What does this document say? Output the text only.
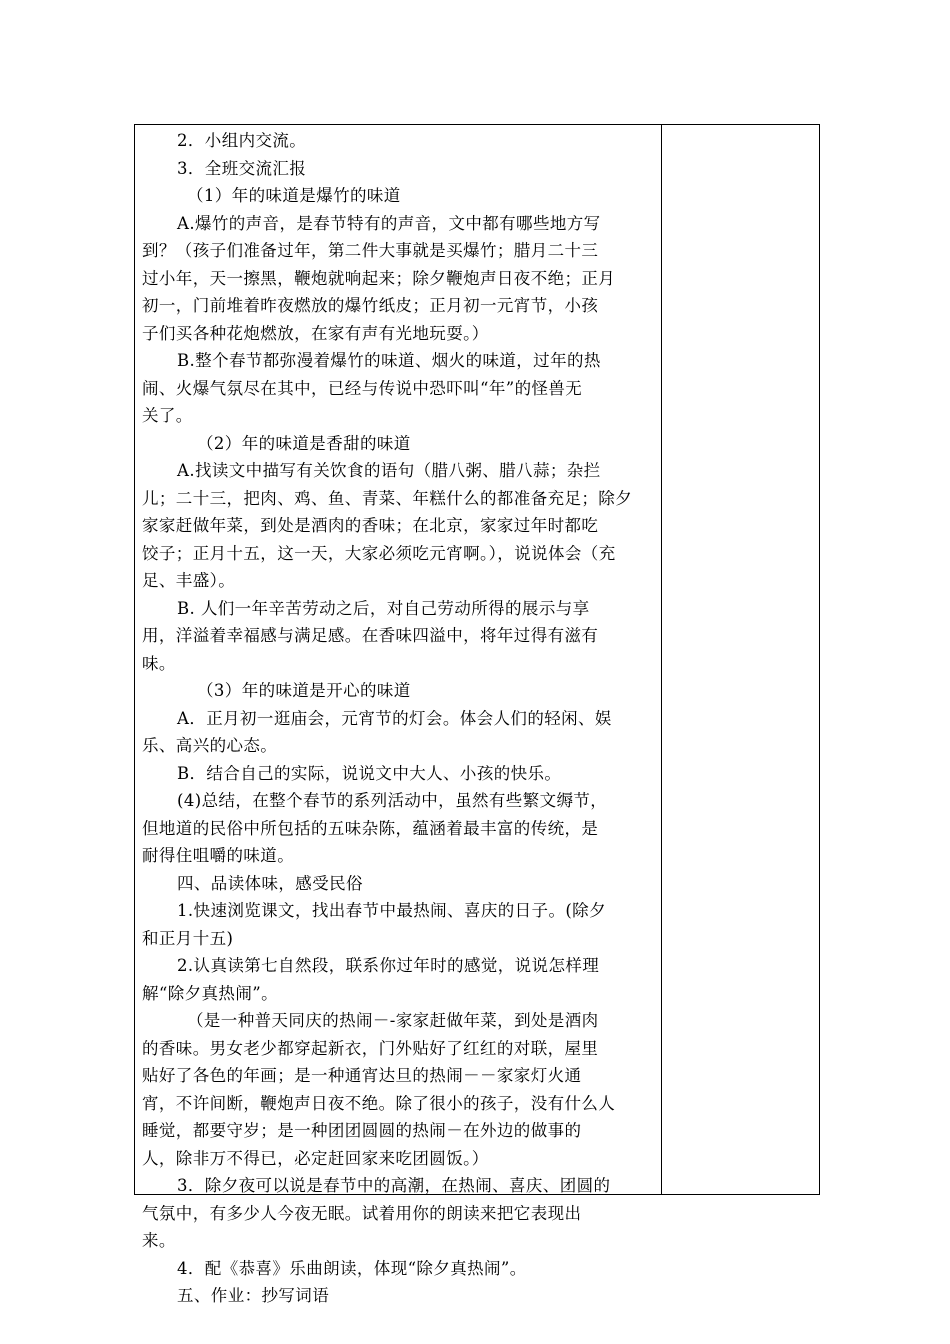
2．小组内交流。
3．全班交流汇报
（1）年的味道是爆竹的味道
A.爆竹的声音，是春节特有的声音，文中都有哪些地方写
到？（孩子们准备过年，第二件大事就是买爆竹；腊月二十三
过小年，天一擦黑，鞭炮就响起来；除夕鞭炮声日夜不绝；正月
初一，门前堆着昨夜燃放的爆竹纸皮；正月初一元宵节，小孩
子们买各种花炮燃放，在家有声有光地玩耍。）
B.整个春节都弥漫着爆竹的味道、烟火的味道，过年的热
闹、火爆气氛尽在其中，已经与传说中恐吓叫“年”的怪兽无
关了。
（2）年的味道是香甜的味道
A.找读文中描写有关饮食的语句（腊八粥、腊八蒜；杂拦
儿；二十三，把肉、鸡、鱼、青菜、年糕什么的都准备充足；除夕
家家赶做年菜，到处是酒肉的香味；在北京，家家过年时都吃
饺子；正月十五，这一天，大家必须吃元宵啊。），说说体会（充
足、丰盛）。
B. 人们一年辛苦劳动之后，对自己劳动所得的展示与享
用，洋溢着幸福感与满足感。在香味四溢中，将年过得有滋有
味。
（3）年的味道是开心的味道
A．正月初一逛庙会，元宵节的灯会。体会人们的轻闲、娱
乐、高兴的心态。
B．结合自己的实际，说说文中大人、小孩的快乐。
(4)总结，在整个春节的系列活动中，虽然有些繁文缛节，
但地道的民俗中所包括的五味杂陈，蕴涵着最丰富的传统，是
耐得住咀嚼的味道。
四、品读体味，感受民俗
1.快速浏览课文，找出春节中最热闹、喜庆的日子。(除夕
和正月十五)
2.认真读第七自然段，联系你过年时的感觉，说说怎样理
解“除夕真热闹”。
（是一种普天同庆的热闹－-家家赶做年菜，到处是酒肉
的香味。男女老少都穿起新衣，门外贴好了红红的对联，屋里
贴好了各色的年画；是一种通宵达旦的热闹－－家家灯火通
宵，不许间断，鞭炮声日夜不绝。除了很小的孩子，没有什么人
睡觉，都要守岁；是一种团团圆圆的热闹－在外边的做事的
人，除非万不得已，必定赶回家来吃团圆饭。）
3．除夕夜可以说是春节中的高潮，在热闹、喜庆、团圆的
气氛中，有多少人今夜无眠。试着用你的朗读来把它表现出
来。
4．配《恭喜》乐曲朗读，体现“除夕真热闹”。
五、作业：抄写词语
